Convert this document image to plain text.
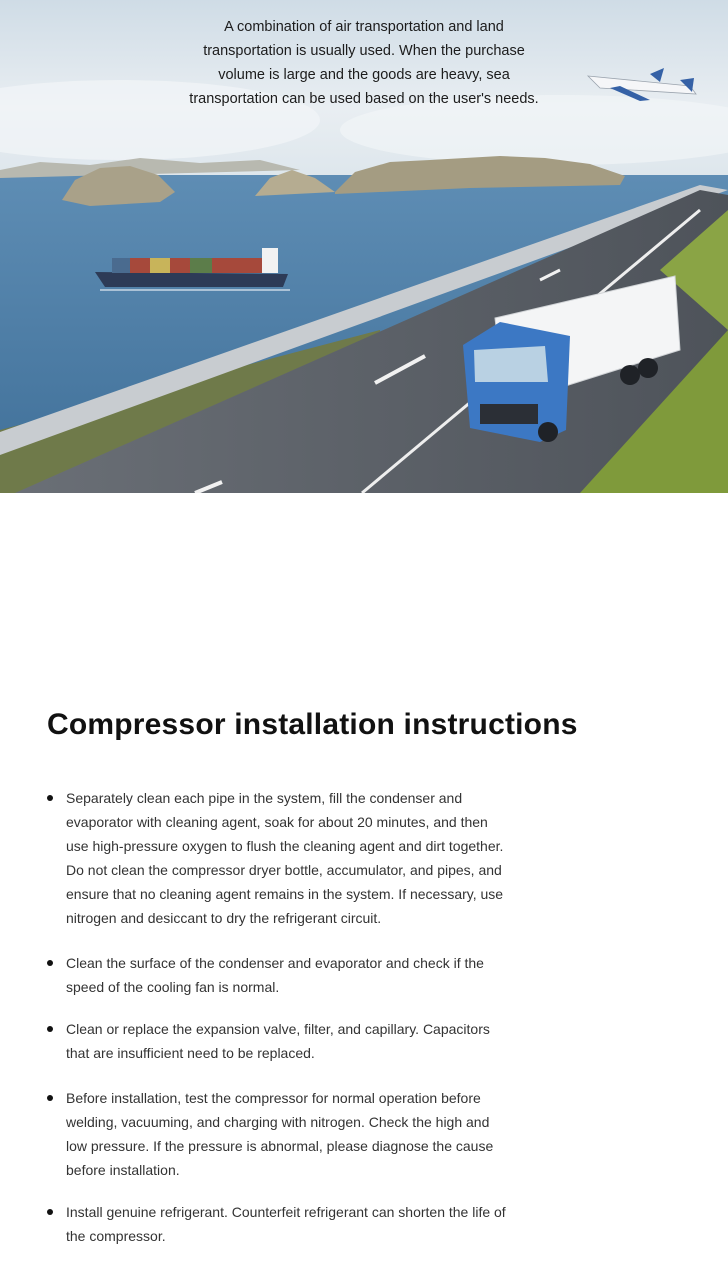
A combination of air transportation and land transportation is usually used. When the purchase volume is large and the goods are heavy, sea transportation can be used based on the user's needs.
Compressor installation instructions
Separately clean each pipe in the system, fill the condenser and evaporator with cleaning agent, soak for about 20 minutes, and then use high-pressure oxygen to flush the cleaning agent and dirt together. Do not clean the compressor dryer bottle, accumulator, and pipes, and ensure that no cleaning agent remains in the system. If necessary, use nitrogen and desiccant to dry the refrigerant circuit.
Clean the surface of the condenser and evaporator and check if the speed of the cooling fan is normal.
Clean or replace the expansion valve, filter, and capillary. Capacitors that are insufficient need to be replaced.
Before installation, test the compressor for normal operation before welding, vacuuming, and charging with nitrogen. Check the high and low pressure. If the pressure is abnormal, please diagnose the cause before installation.
Install genuine refrigerant. Counterfeit refrigerant can shorten the life of the compressor.
